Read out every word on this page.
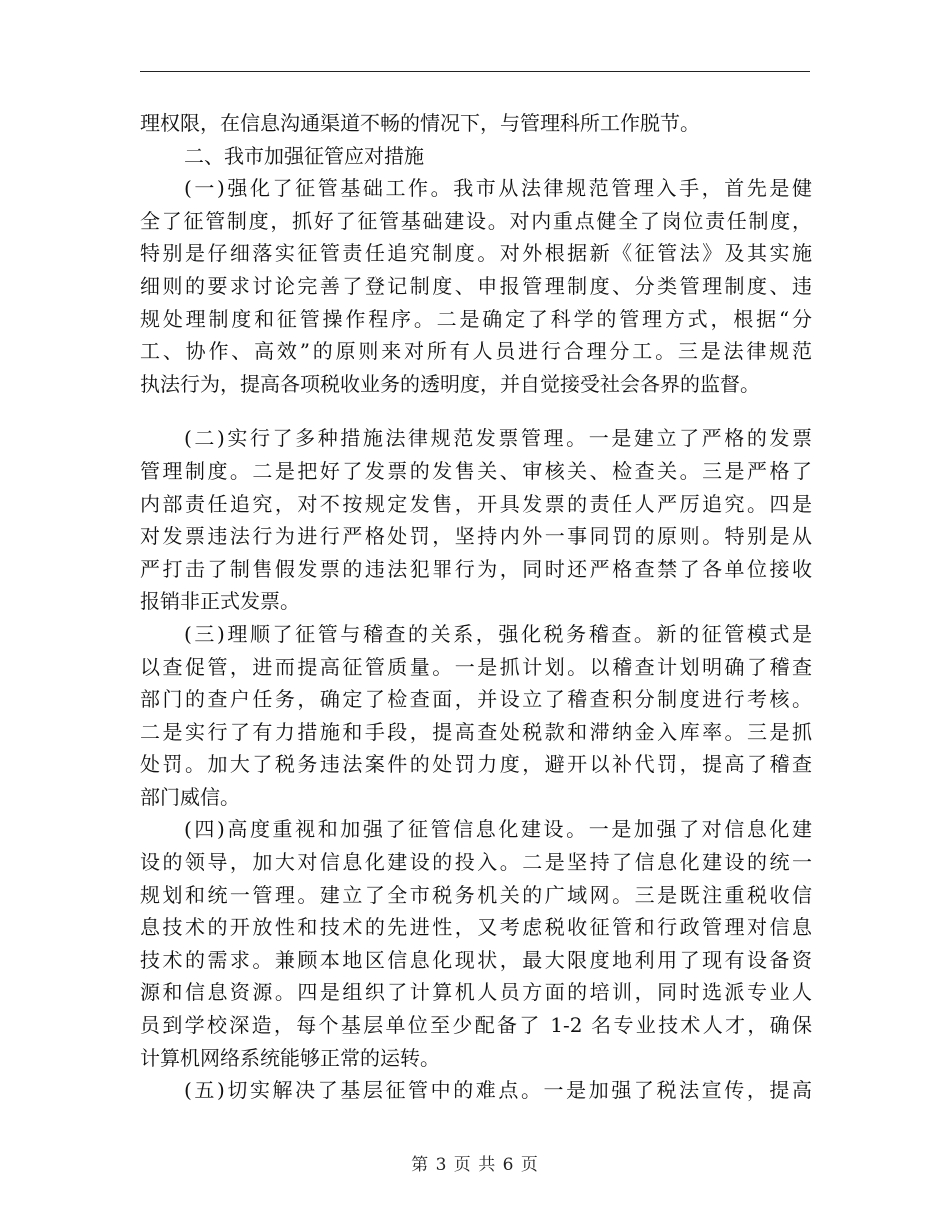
理权限，在信息沟通渠道不畅的情况下，与管理科所工作脱节。
二、我市加强征管应对措施
(一)强化了征管基础工作。我市从法律规范管理入手，首先是健
全了征管制度，抓好了征管基础建设。对内重点健全了岗位责任制度，
特别是仔细落实征管责任追究制度。对外根据新《征管法》及其实施
细则的要求讨论完善了登记制度、申报管理制度、分类管理制度、违
规处理制度和征管操作程序。二是确定了科学的管理方式，根据“分
工、协作、高效”的原则来对所有人员进行合理分工。三是法律规范
执法行为，提高各项税收业务的透明度，并自觉接受社会各界的监督。
(二)实行了多种措施法律规范发票管理。一是建立了严格的发票
管理制度。二是把好了发票的发售关、审核关、检查关。三是严格了
内部责任追究，对不按规定发售，开具发票的责任人严厉追究。四是
对发票违法行为进行严格处罚，坚持内外一事同罚的原则。特别是从
严打击了制售假发票的违法犯罪行为，同时还严格查禁了各单位接收
报销非正式发票。
(三)理顺了征管与稽查的关系，强化税务稽查。新的征管模式是
以查促管，进而提高征管质量。一是抓计划。以稽查计划明确了稽查
部门的查户任务，确定了检查面，并设立了稽查积分制度进行考核。
二是实行了有力措施和手段，提高查处税款和滞纳金入库率。三是抓
处罚。加大了税务违法案件的处罚力度，避开以补代罚，提高了稽查
部门威信。
(四)高度重视和加强了征管信息化建设。一是加强了对信息化建
设的领导，加大对信息化建设的投入。二是坚持了信息化建设的统一
规划和统一管理。建立了全市税务机关的广域网。三是既注重税收信
息技术的开放性和技术的先进性，又考虑税收征管和行政管理对信息
技术的需求。兼顾本地区信息化现状，最大限度地利用了现有设备资
源和信息资源。四是组织了计算机人员方面的培训，同时选派专业人
员到学校深造，每个基层单位至少配备了 1-2 名专业技术人才，确保
计算机网络系统能够正常的运转。
(五)切实解决了基层征管中的难点。一是加强了税法宣传，提高
第 3 页 共 6 页
